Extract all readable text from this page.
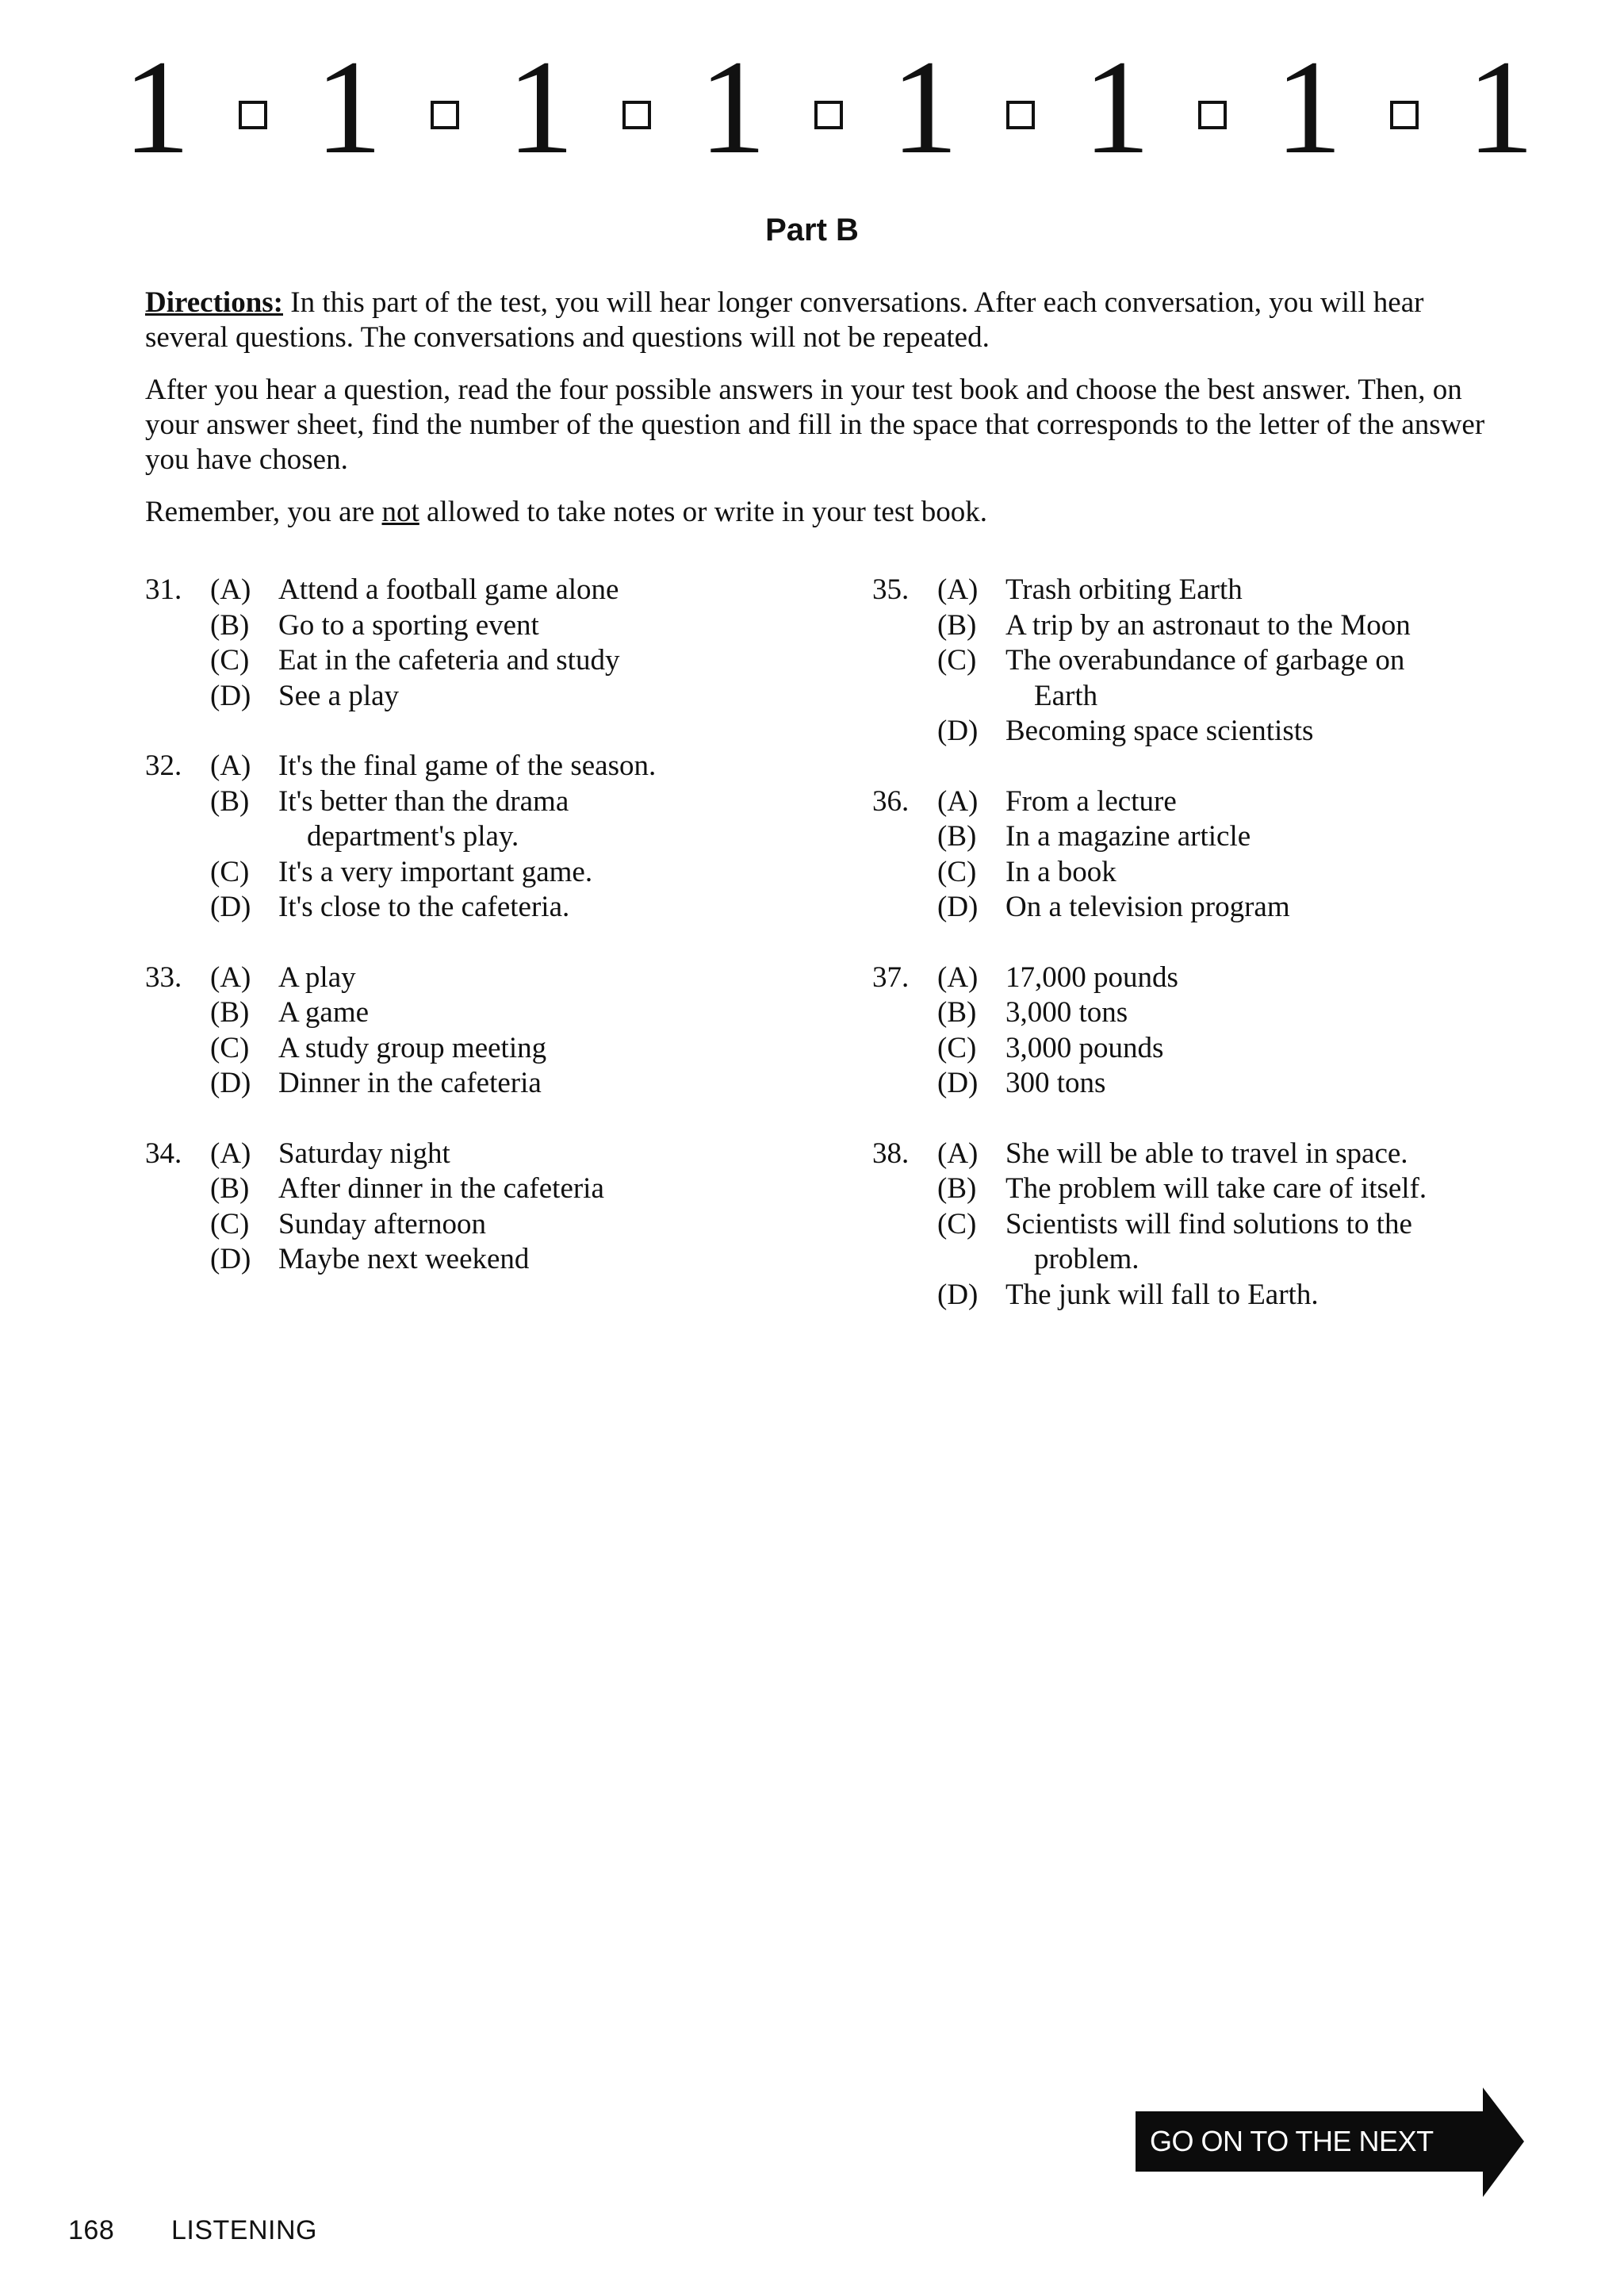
1 1 1 1 1 1 1 1
Part B

Directions: In this part of the test, you will hear longer conversations. After each conversation, you will hear several questions. The conversations and questions will not be repeated.

After you hear a question, read the four possible answers in your test book and choose the best answer. Then, on your answer sheet, find the number of the question and fill in the space that corresponds to the letter of the answer you have chosen.

Remember, you are not allowed to take notes or write in your test book.

31. (A) Attend a football game alone
(B) Go to a sporting event
(C) Eat in the cafeteria and study
(D) See a play
32. (A) It's the final game of the season.
(B) It's better than the drama
department's play.
(C) It's a very important game.
(D) It's close to the cafeteria.
33. (A) A play
(B) A game
(C) A study group meeting
(D) Dinner in the cafeteria
34. (A) Saturday night
(B) After dinner in the cafeteria
(C) Sunday afternoon
(D) Maybe next weekend
35. (A) Trash orbiting Earth
(B) A trip by an astronaut to the Moon
(C) The overabundance of garbage on
Earth
(D) Becoming space scientists
36. (A) From a lecture
(B) In a magazine article
(C) In a book
(D) On a television program
37. (A) 17,000 pounds
(B) 3,000 tons
(C) 3,000 pounds
(D) 300 tons
38. (A) She will be able to travel in space.
(B) The problem will take care of itself.
(C) Scientists will find solutions to the
problem.
(D) The junk will fall to Earth.
GO ON TO THE NEXT PAGE
168 LISTENING
